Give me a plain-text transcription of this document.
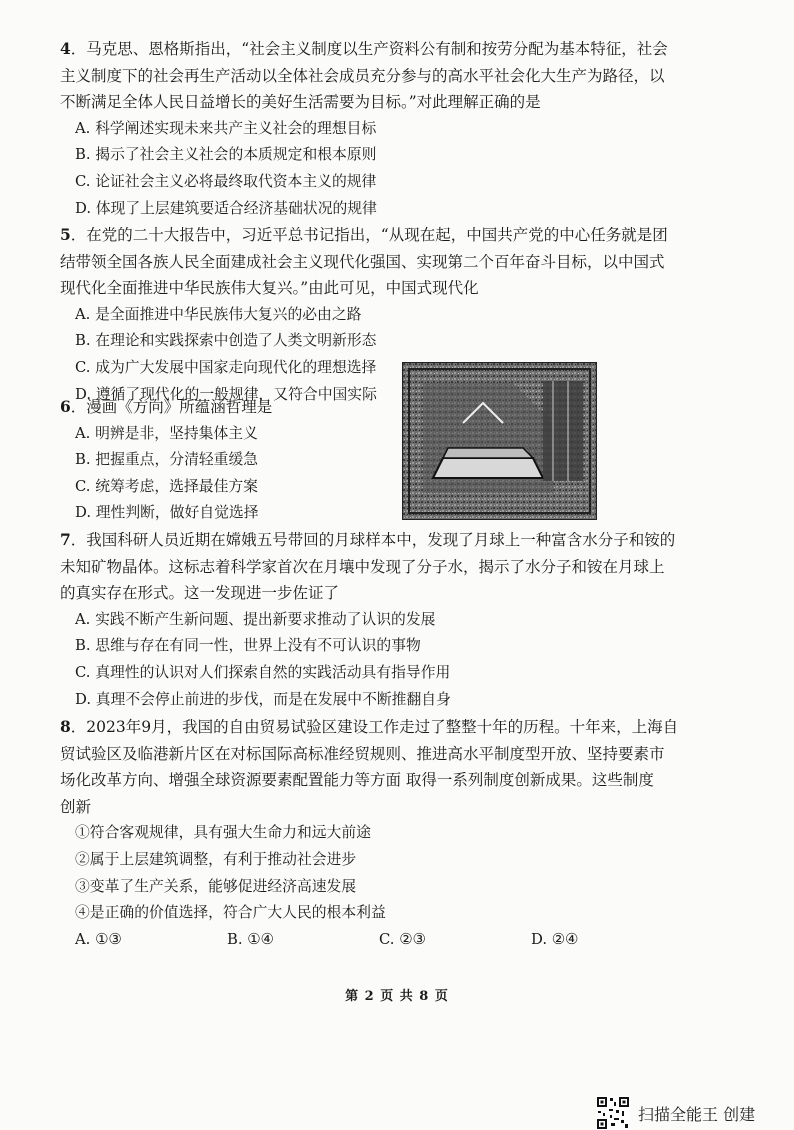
4．马克思、恩格斯指出，“社会主义制度以生产资料公有制和按劳分配为基本特征，社会

主义制度下的社会再生产活动以全体社会成员充分参与的高水平社会化大生产为路径，以

不断满足全体人民日益增长的美好生活需要为目标。”对此理解正确的是

A. 科学阐述实现未来共产主义社会的理想目标

B. 揭示了社会主义社会的本质规定和根本原则

C. 论证社会主义必将最终取代资本主义的规律

D. 体现了上层建筑要适合经济基础状况的规律

5．在党的二十大报告中，习近平总书记指出，“从现在起，中国共产党的中心任务就是团

结带领全国各族人民全面建成社会主义现代化强国、实现第二个百年奋斗目标，以中国式

现代化全面推进中华民族伟大复兴。”由此可见，中国式现代化

A. 是全面推进中华民族伟大复兴的必由之路

B. 在理论和实践探索中创造了人类文明新形态

C. 成为广大发展中国家走向现代化的理想选择

D. 遵循了现代化的一般规律，又符合中国实际

6．漫画《方向》所蕴涵哲理是

A. 明辨是非，坚持集体主义

B. 把握重点，分清轻重缓急

C. 统筹考虑，选择最佳方案

D. 理性判断，做好自觉选择

7．我国科研人员近期在嫦娥五号带回的月球样本中，发现了月球上一种富含水分子和铵的

未知矿物晶体。这标志着科学家首次在月壤中发现了分子水，揭示了水分子和铵在月球上

的真实存在形式。这一发现进一步佐证了

A. 实践不断产生新问题、提出新要求推动了认识的发展

B. 思维与存在有同一性，世界上没有不可认识的事物

C. 真理性的认识对人们探索自然的实践活动具有指导作用

D. 真理不会停止前进的步伐，而是在发展中不断推翻自身

8．2023年9月，我国的自由贸易试验区建设工作走过了整整十年的历程。十年来，上海自

贸试验区及临港新片区在对标国际高标准经贸规则、推进高水平制度型开放、坚持要素市

场化改革方向、增强全球资源要素配置能力等方面 取得一系列制度创新成果。这些制度

创新

①符合客观规律，具有强大生命力和远大前途

②属于上层建筑调整，有利于推动社会进步

③变革了生产关系，能够促进经济高速发展

④是正确的价值选择，符合广大人民的根本利益

A. ①③	B. ①④	C. ②③	D. ②④
第 2 页 共 8 页
扫描全能王 创建
